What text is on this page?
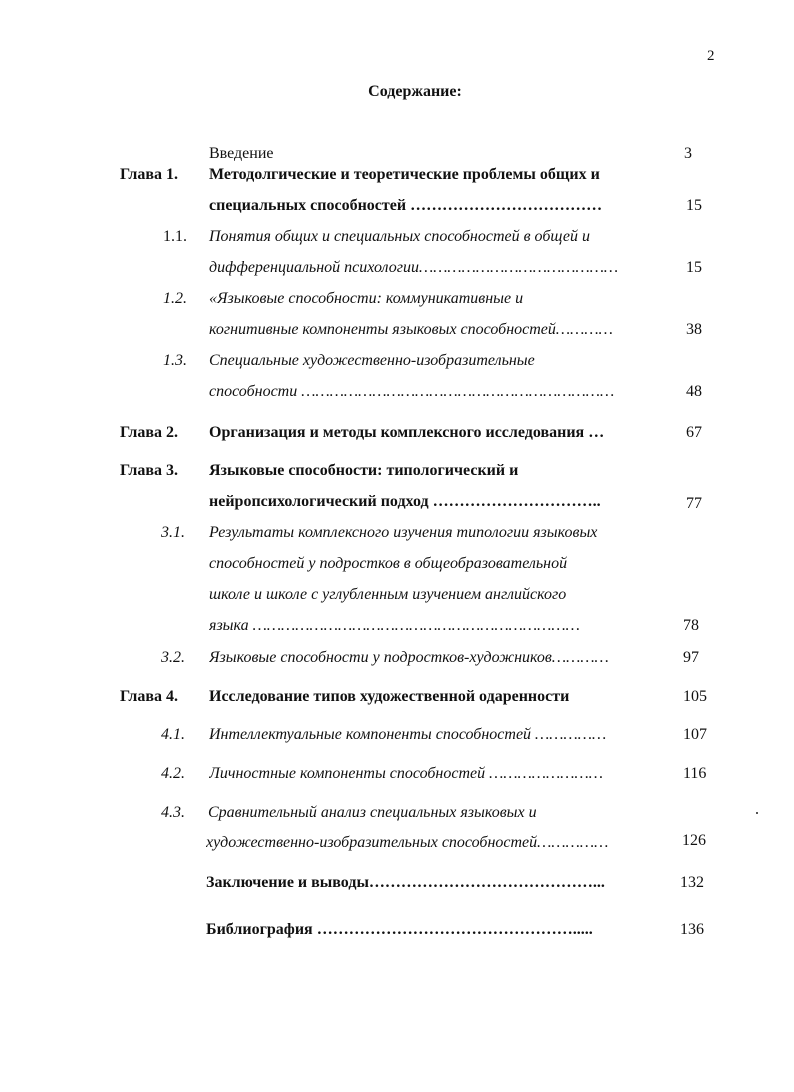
2
Содержание:
Введение	3
Глава 1. Методолгические и теоретические проблемы общих и
специальных способностей ………………………………	15
1.1. Понятия общих и специальных способностей в общей и
дифференциальной психологии……………………………………	15
1.2. «Языковые способности: коммуникативные и
когнитивные компоненты языковых способностей…………	38
1.3. Специальные художественно-изобразительные
способности …………………………………………………………	48
Глава 2. Организация и методы комплексного исследования …	67
Глава 3. Языковые способности: типологический и
нейропсихологический подход …………………………..	77
3.1. Результаты комплексного изучения типологии языковых
способностей у подростков в общеобразовательной
школе и школе с углубленным изучением английского
языка ……………………………………………………………	78
3.2. Языковые способности у подростков-художников…………	97
Глава 4. Исследование типов художественной одаренности	105
4.1. Интеллектуальные компоненты способностей ……………	107
4.2. Личностные компоненты способностей ……………………	116
4.3. Сравнительный анализ специальных языковых и
художественно-изобразительных способностей……………	126
Заключение и выводы……………………………………...	132
Библиография ………………………………………….....	136
